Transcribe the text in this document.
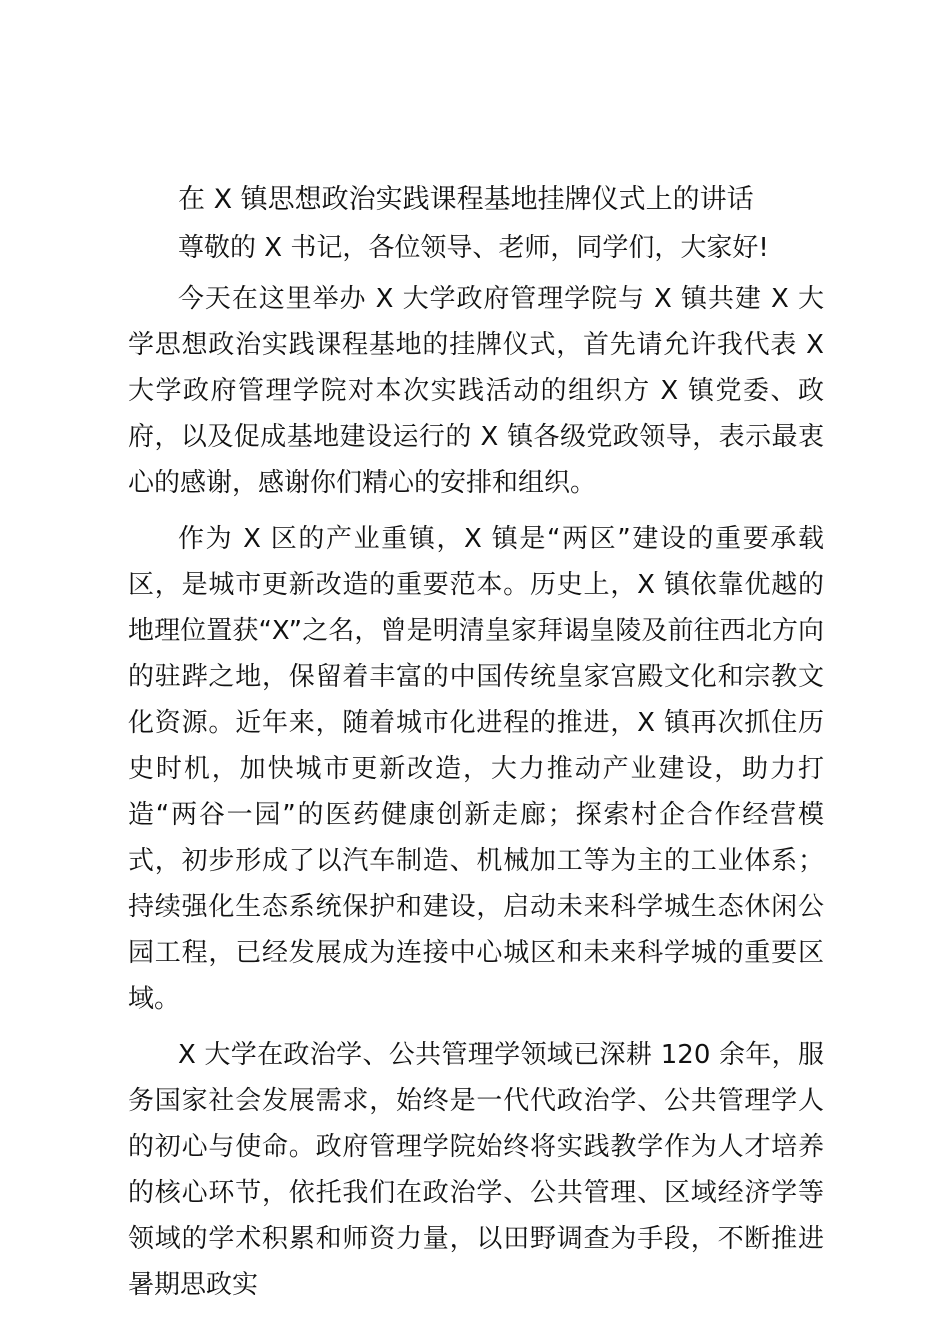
在 X 镇思想政治实践课程基地挂牌仪式上的讲话

尊敬的 X 书记，各位领导、老师，同学们，大家好!

今天在这里举办 X 大学政府管理学院与 X 镇共建 X 大学思想政治实践课程基地的挂牌仪式，首先请允许我代表 X 大学政府管理学院对本次实践活动的组织方 X 镇党委、政府，以及促成基地建设运行的 X 镇各级党政领导，表示最衷心的感谢，感谢你们精心的安排和组织。

作为 X 区的产业重镇，X 镇是“两区”建设的重要承载区，是城市更新改造的重要范本。历史上，X 镇依靠优越的地理位置获“X”之名，曾是明清皇家拜谒皇陵及前往西北方向的驻跸之地，保留着丰富的中国传统皇家宫殿文化和宗教文化资源。近年来，随着城市化进程的推进，X 镇再次抓住历史时机，加快城市更新改造，大力推动产业建设，助力打造“两谷一园”的医药健康创新走廊；探索村企合作经营模式，初步形成了以汽车制造、机械加工等为主的工业体系；持续强化生态系统保护和建设，启动未来科学城生态休闲公园工程，已经发展成为连接中心城区和未来科学城的重要区域。

X 大学在政治学、公共管理学领域已深耕 120 余年，服务国家社会发展需求，始终是一代代政治学、公共管理学人的初心与使命。政府管理学院始终将实践教学作为人才培养的核心环节，依托我们在政治学、公共管理、区域经济学等领域的学术积累和师资力量，以田野调查为手段，不断推进暑期思政实
